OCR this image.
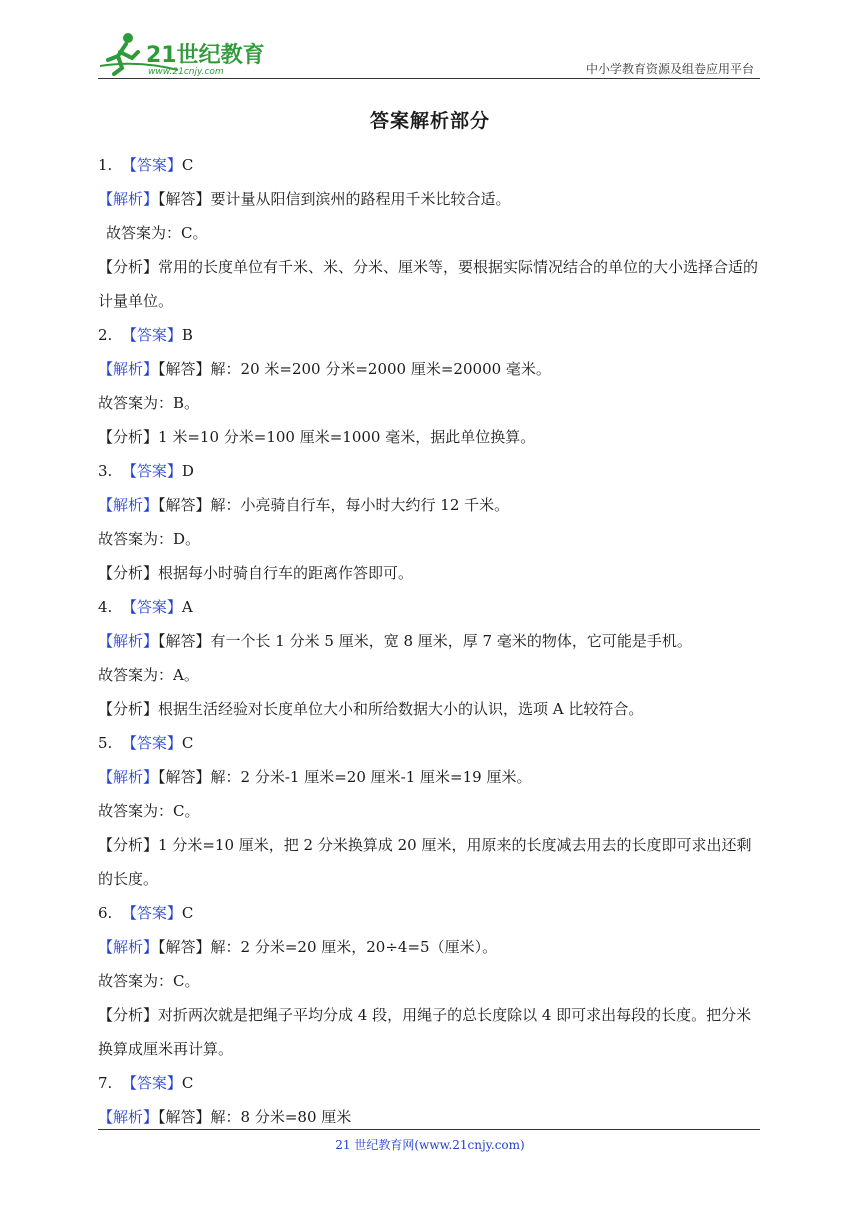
21世纪教育
www.21cnjy.com	中小学教育资源及组卷应用平台
答案解析部分
1. 【答案】C
【解析】【解答】要计量从阳信到滨州的路程用千米比较合适。
故答案为：C。
【分析】常用的长度单位有千米、米、分米、厘米等，要根据实际情况结合的单位的大小选择合适的计量单位。
2. 【答案】B
【解析】【解答】解：20 米=200 分米=2000 厘米=20000 毫米。
故答案为：B。
【分析】1 米=10 分米=100 厘米=1000 毫米，据此单位换算。
3. 【答案】D
【解析】【解答】解：小亮骑自行车，每小时大约行 12 千米。
故答案为：D。
【分析】根据每小时骑自行车的距离作答即可。
4. 【答案】A
【解析】【解答】有一个长 1 分米 5 厘米，宽 8 厘米，厚 7 毫米的物体，它可能是手机。
故答案为：A。
【分析】根据生活经验对长度单位大小和所给数据大小的认识，选项 A 比较符合。
5. 【答案】C
【解析】【解答】解：2 分米-1 厘米=20 厘米-1 厘米=19 厘米。
故答案为：C。
【分析】1 分米=10 厘米，把 2 分米换算成 20 厘米，用原来的长度减去用去的长度即可求出还剩的长度。
6. 【答案】C
【解析】【解答】解：2 分米=20 厘米，20÷4=5（厘米）。
故答案为：C。
【分析】对折两次就是把绳子平均分成 4 段，用绳子的总长度除以 4 即可求出每段的长度。把分米换算成厘米再计算。
7. 【答案】C
【解析】【解答】解：8 分米=80 厘米
21 世纪教育网(www.21cnjy.com)
